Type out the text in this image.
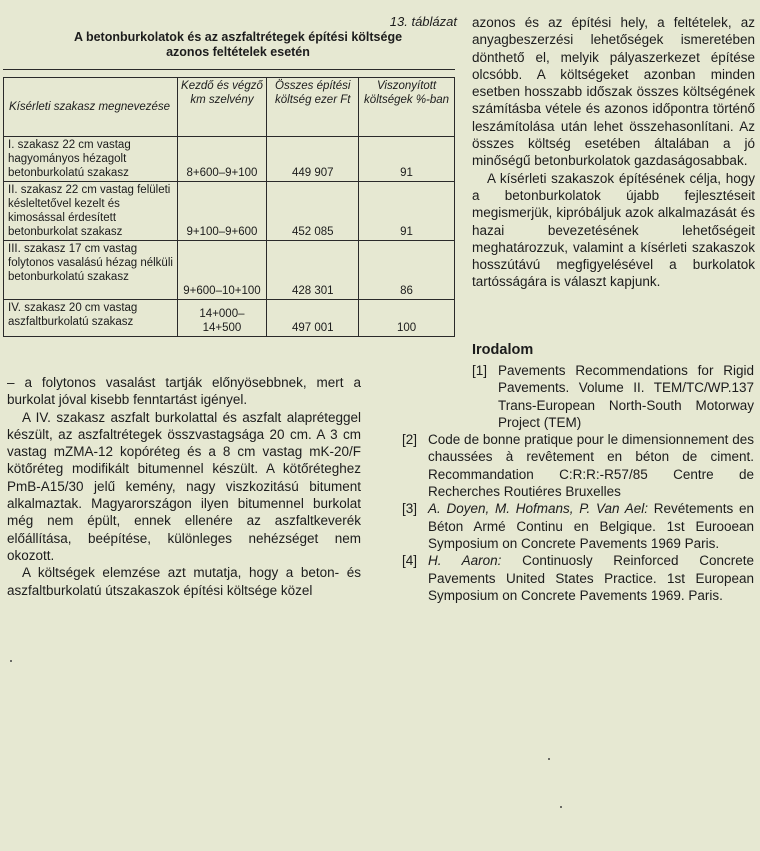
13. táblázat
A betonburkolatok és az aszfaltrétegek építési költsége
azonos feltételek esetén
Kísérleti szakasz megnevezése	Kezdő és végző km szelvény	Összes építési költség ezer Ft	Viszonyított költségek %-ban
I. szakasz 22 cm vastag hagyományos hézagolt betonburkolatú szakasz	8+600–9+100	449 907	91
II. szakasz 22 cm vastag felületi késleltetővel kezelt és kimosással érdesített betonburkolat szakasz	9+100–9+600	452 085	91
III. szakasz 17 cm vastag folytonos vasalású hézag nélküli betonburkolatú szakasz	9+600–10+100	428 301	86
IV. szakasz 20 cm vastag aszfaltburkolatú szakasz	14+000–14+500	497 001	100

– a folytonos vasalást tartják előnyösebbnek, mert a burkolat jóval kisebb fenntartást igényel.

A IV. szakasz aszfalt burkolattal és aszfalt alapréteggel készült, az aszfaltrétegek összvastagsága 20 cm. A 3 cm vastag mZMA-12 kopóréteg és a 8 cm vastag mK-20/F kötőréteg modifikált bitumennel készült. A kötőréteghez PmB-A15/30 jelű kemény, nagy viszkozitású bitument alkalmaztak. Magyarországon ilyen bitumennel burkolat még nem épült, ennek ellenére az aszfaltkeverék előállítása, beépítése, különleges nehézséget nem okozott.

A költségek elemzése azt mutatja, hogy a beton- és aszfaltburkolatú útszakaszok építési költsége közel

azonos és az építési hely, a feltételek, az anyagbeszerzési lehetőségek ismeretében dönthető el, melyik pályaszerkezet építése olcsóbb. A költségeket azonban minden esetben hosszabb időszak összes költségének számításba vétele és azonos időpontra történő leszámítolása után lehet összehasonlítani. Az összes költség esetében általában a jó minőségű betonburkolatok gazdaságosabbak.

A kísérleti szakaszok építésének célja, hogy a betonburkolatok újabb fejlesztéseit megismerjük, kipróbáljuk azok alkalmazását és hazai bevezetésének lehetőségeit meghatározzuk, valamint a kísérleti szakaszok hosszútávú megfigyelésével a burkolatok tartósságára is választ kapjunk.

Irodalom
[1] Pavements Recommendations for Rigid Pavements. Volume II. TEM/TC/WP.137 Trans-European North-South Motorway Project (TEM)
[2] Code de bonne pratique pour le dimensionnement des chaussées à revêtement en béton de ciment. Recommandation C:R:R:-R57/85 Centre de Recherches Routiéres Bruxelles
[3] A. Doyen, M. Hofmans, P. Van Ael: Revétements en Béton Armé Continu en Belgique. 1st Eurooean Symposium on Concrete Pavements 1969 Paris.
[4] H. Aaron: Continuosly Reinforced Concrete Pavements United States Practice. 1st European Symposium on Concrete Pavements 1969. Paris.
